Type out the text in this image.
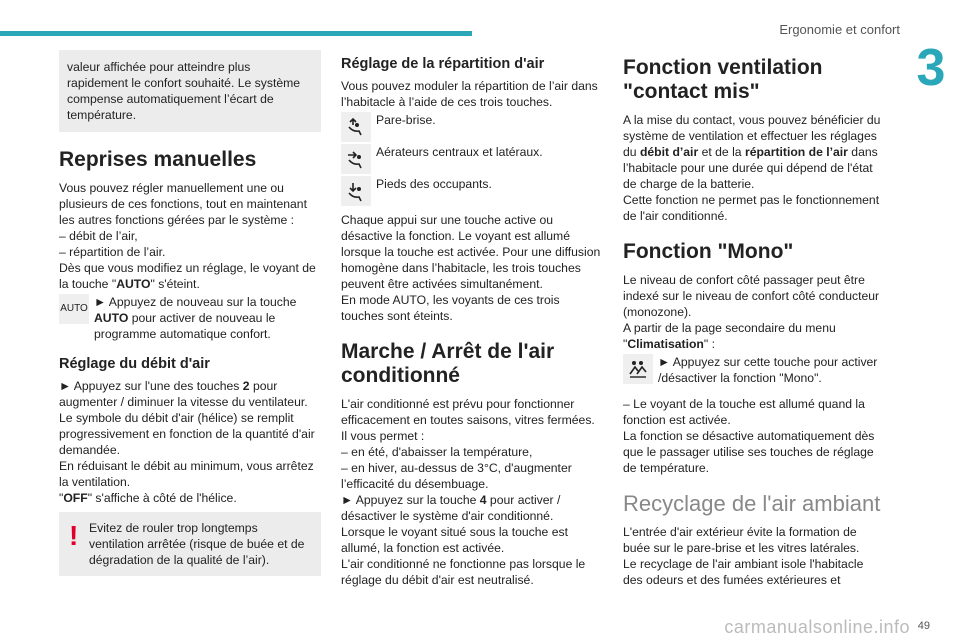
Ergonomie et confort
3

valeur affichée pour atteindre plus rapidement le confort souhaité. Le système compense automatiquement l’écart de température.

Reprises manuelles

Vous pouvez régler manuellement une ou plusieurs de ces fonctions, tout en maintenant les autres fonctions gérées par le système :

– débit de l’air,

– répartition de l’air.

Dès que vous modifiez un réglage, le voyant de la touche "AUTO" s'éteint.

AUTO ► Appuyez de nouveau sur la touche AUTO pour activer de nouveau le programme automatique confort.

Réglage du débit d'air

► Appuyez sur l'une des touches 2 pour augmenter / diminuer la vitesse du ventilateur.

Le symbole du débit d'air (hélice) se remplit progressivement en fonction de la quantité d'air demandée.

En réduisant le débit au minimum, vous arrêtez la ventilation.

"OFF" s'affiche à côté de l'hélice.

! Evitez de rouler trop longtemps ventilation arrêtée (risque de buée et de dégradation de la qualité de l’air).

Réglage de la répartition d'air

Vous pouvez moduler la répartition de l’air dans l’habitacle à l’aide de ces trois touches.

Pare-brise.

Aérateurs centraux et latéraux.

Pieds des occupants.

Chaque appui sur une touche active ou désactive la fonction. Le voyant est allumé lorsque la touche est activée. Pour une diffusion homogène dans l’habitacle, les trois touches peuvent être activées simultanément.

En mode AUTO, les voyants de ces trois touches sont éteints.

Marche / Arrêt de l'air conditionné

L'air conditionné est prévu pour fonctionner efficacement en toutes saisons, vitres fermées.

Il vous permet :

– en été, d'abaisser la température,

– en hiver, au-dessus de 3°C, d'augmenter l’efficacité du désembuage.

► Appuyez sur la touche 4 pour activer / désactiver le système d'air conditionné.

Lorsque le voyant situé sous la touche est allumé, la fonction est activée.

L'air conditionné ne fonctionne pas lorsque le réglage du débit d'air est neutralisé.

Fonction ventilation "contact mis"

A la mise du contact, vous pouvez bénéficier du système de ventilation et effectuer les réglages du débit d’air et de la répartition de l’air dans l’habitacle pour une durée qui dépend de l'état de charge de la batterie.

Cette fonction ne permet pas le fonctionnement de l'air conditionné.

Fonction "Mono"

Le niveau de confort côté passager peut être indexé sur le niveau de confort côté conducteur (monozone).

A partir de la page secondaire du menu "Climatisation" :

► Appuyez sur cette touche pour activer /désactiver la fonction "Mono".

– Le voyant de la touche est allumé quand la fonction est activée.

La fonction se désactive automatiquement dès que le passager utilise ses touches de réglage de température.

Recyclage de l'air ambiant

L'entrée d'air extérieur évite la formation de buée sur le pare-brise et les vitres latérales.

Le recyclage de l'air ambiant isole l'habitacle des odeurs et des fumées extérieures et

carmanualsonline.info 49
